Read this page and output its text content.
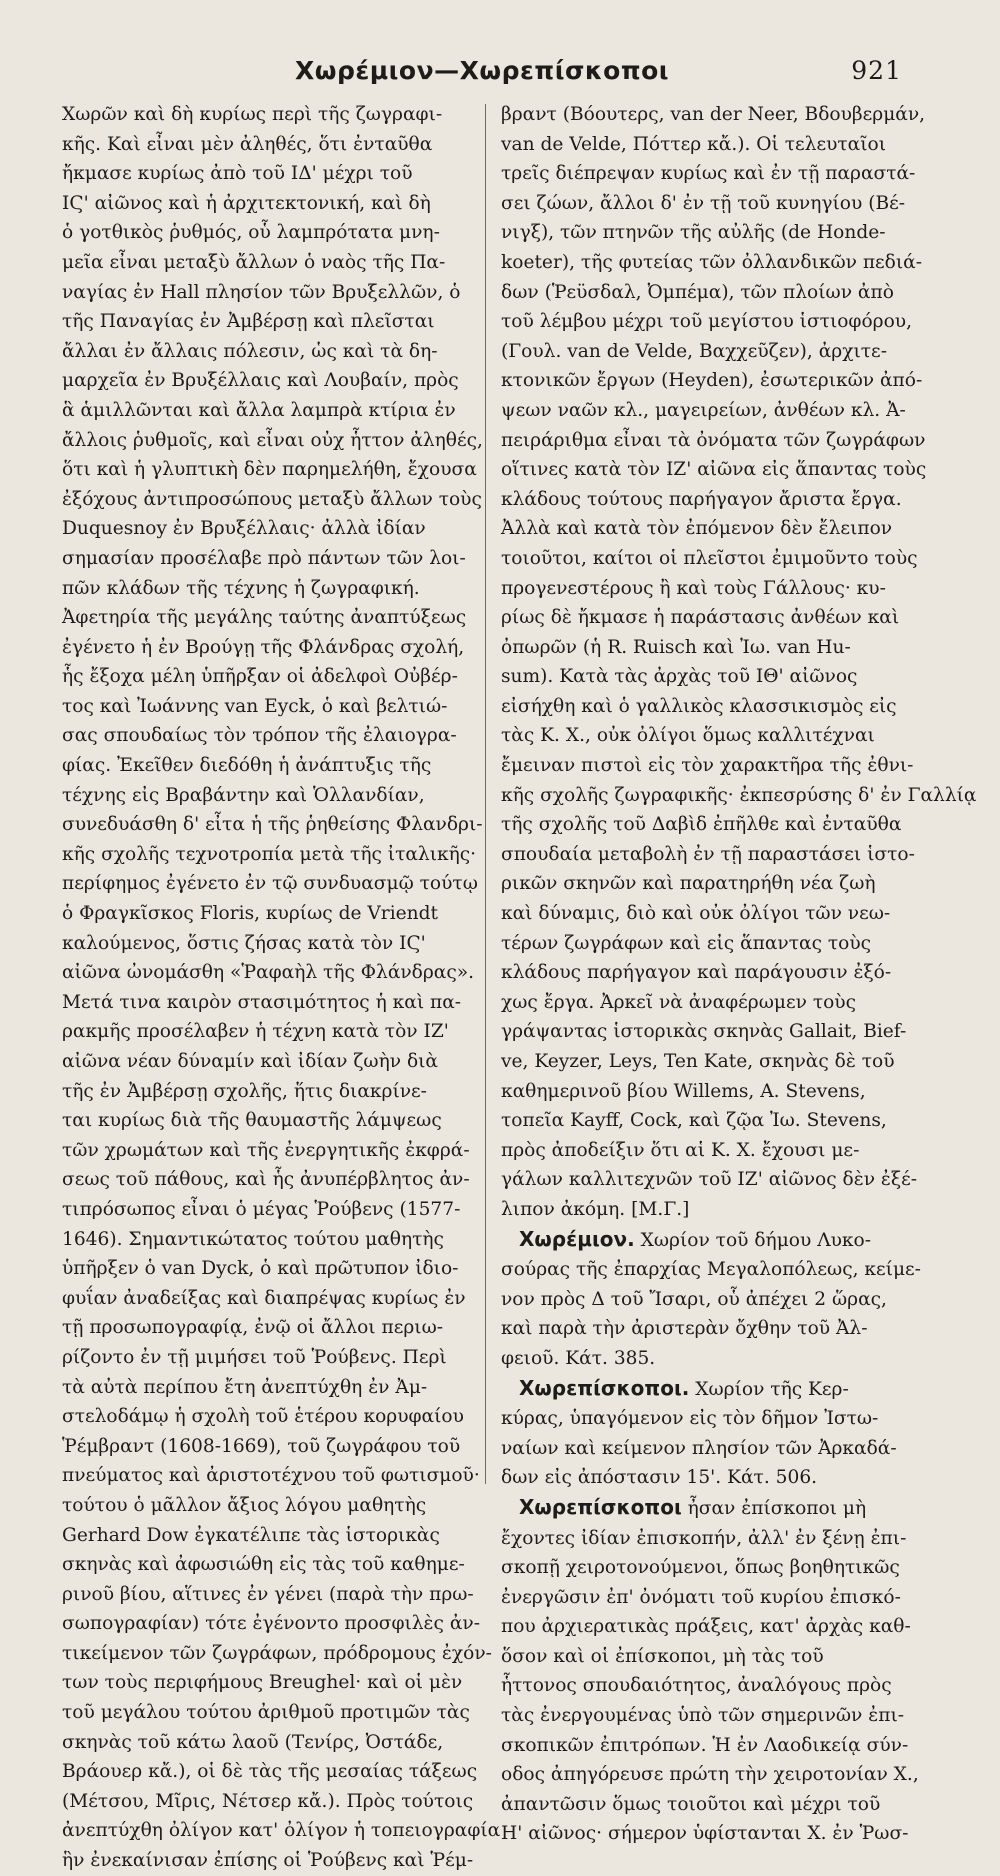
Χωρέμιον—Χωρεπίσκοποι	921
Χωρῶν καὶ δὴ κυρίως περὶ τῆς ζωγραφι-
κῆς. Καὶ εἶναι μὲν ἀληθές, ὅτι ἐνταῦθα
ἤκμασε κυρίως ἀπὸ τοῦ ΙΔ' μέχρι τοῦ
ΙϚ' αἰῶνος καὶ ἡ ἀρχιτεκτονική, καὶ δὴ
ὁ γοτθικὸς ῥυθμός, οὗ λαμπρότατα μνη-
μεῖα εἶναι μεταξὺ ἄλλων ὁ ναὸς τῆς Πα-
ναγίας ἐν Hall πλησίον τῶν Βρυξελλῶν, ὁ
τῆς Παναγίας ἐν Ἀμβέρσῃ καὶ πλεῖσται
ἄλλαι ἐν ἄλλαις πόλεσιν, ὡς καὶ τὰ δη-
μαρχεῖα ἐν Βρυξέλλαις καὶ Λουβαίν, πρὸς
ἃ ἁμιλλῶνται καὶ ἄλλα λαμπρὰ κτίρια ἐν
ἄλλοις ῥυθμοῖς, καὶ εἶναι οὐχ ἧττον ἀληθές,
ὅτι καὶ ἡ γλυπτικὴ δὲν παρημελήθη, ἔχουσα
ἐξόχους ἀντιπροσώπους μεταξὺ ἄλλων τοὺς
Duquesnoy ἐν Βρυξέλλαις· ἀλλὰ ἰδίαν
σημασίαν προσέλαβε πρὸ πάντων τῶν λοι-
πῶν κλάδων τῆς τέχνης ἡ ζωγραφική.
Ἀφετηρία τῆς μεγάλης ταύτης ἀναπτύξεως
ἐγένετο ἡ ἐν Βρούγῃ τῆς Φλάνδρας σχολή,
ἧς ἔξοχα μέλη ὑπῆρξαν οἱ ἀδελφοὶ Οὐβέρ-
τος καὶ Ἰωάννης van Eyck, ὁ καὶ βελτιώ-
σας σπουδαίως τὸν τρόπον τῆς ἐλαιογρα-
φίας. Ἐκεῖθεν διεδόθη ἡ ἀνάπτυξις τῆς
τέχνης εἰς Βραβάντην καὶ Ὁλλανδίαν,
συνεδυάσθη δ' εἶτα ἡ τῆς ῥηθείσης Φλανδρι-
κῆς σχολῆς τεχνοτροπία μετὰ τῆς ἰταλικῆς·
περίφημος ἐγένετο ἐν τῷ συνδυασμῷ τούτῳ
ὁ Φραγκῖσκος Floris, κυρίως de Vriendt
καλούμενος, ὅστις ζήσας κατὰ τὸν ΙϚ'
αἰῶνα ὠνομάσθη «Ῥαφαὴλ τῆς Φλάνδρας».
Μετά τινα καιρὸν στασιμότητος ἡ καὶ πα-
ρακμῆς προσέλαβεν ἡ τέχνη κατὰ τὸν ΙΖ'
αἰῶνα νέαν δύναμίν καὶ ἰδίαν ζωὴν διὰ
τῆς ἐν Ἀμβέρσῃ σχολῆς, ἥτις διακρίνε-
ται κυρίως διὰ τῆς θαυμαστῆς λάμψεως
τῶν χρωμάτων καὶ τῆς ἐνεργητικῆς ἐκφρά-
σεως τοῦ πάθους, καὶ ἧς ἀνυπέρβλητος ἀν-
τιπρόσωπος εἶναι ὁ μέγας Ῥούβενς (1577-
1646). Σημαντικώτατος τούτου μαθητὴς
ὑπῆρξεν ὁ van Dyck, ὁ καὶ πρῶτυπον ἰδιο-
φυΐαν ἀναδείξας καὶ διαπρέψας κυρίως ἐν
τῇ προσωπογραφίᾳ, ἐνῷ οἱ ἄλλοι περιω-
ρίζοντο ἐν τῇ μιμήσει τοῦ Ῥούβενς. Περὶ
τὰ αὐτὰ περίπου ἔτη ἀνεπτύχθη ἐν Ἀμ-
στελοδάμῳ ἡ σχολὴ τοῦ ἑτέρου κορυφαίου
Ῥέμβραντ (1608-1669), τοῦ ζωγράφου τοῦ
πνεύματος καὶ ἀριστοτέχνου τοῦ φωτισμοῦ·
τούτου ὁ μᾶλλον ἄξιος λόγου μαθητὴς
Gerhard Dow ἐγκατέλιπε τὰς ἱστορικὰς
σκηνὰς καὶ ἀφωσιώθη εἰς τὰς τοῦ καθημε-
ρινοῦ βίου, αἵτινες ἐν γένει (παρὰ τὴν πρω-
σωπογραφίαν) τότε ἐγένοντο προσφιλὲς ἀν-
τικείμενον τῶν ζωγράφων, πρόδρομους ἐχόν-
των τοὺς περιφήμους Breughel· καὶ οἱ μὲν
τοῦ μεγάλου τούτου ἀριθμοῦ προτιμῶν τὰς
σκηνὰς τοῦ κάτω λαοῦ (Τενίρς, Ὀστάδε,
Βράουερ κἄ.), οἱ δὲ τὰς τῆς μεσαίας τάξεως
(Μέτσου, Μῖρις, Νέτσερ κἄ.). Πρὸς τούτοις
ἀνεπτύχθη ὀλίγον κατ' ὀλίγον ἡ τοπειογραφία
ἣν ἐνεκαίνισαν ἐπίσης οἱ Ῥούβενς καὶ Ῥέμ-
βραντ (Βόουτερς, van der Neer, Βδουβερμάν,
van de Velde, Πόττερ κἄ.). Οἱ τελευταῖοι
τρεῖς διέπρεψαν κυρίως καὶ ἐν τῇ παραστά-
σει ζώων, ἄλλοι δ' ἐν τῇ τοῦ κυνηγίου (Βέ-
νιγξ), τῶν πτηνῶν τῆς αὐλῆς (de Honde-
koeter), τῆς φυτείας τῶν ὀλλανδικῶν πεδιά-
δων (Ῥεϋσδαλ, Ὀμπέμα), τῶν πλοίων ἀπὸ
τοῦ λέμβου μέχρι τοῦ μεγίστου ἱστιοφόρου,
(Γουλ. van de Velde, Βαχχεῦζεν), ἀρχιτε-
κτονικῶν ἔργων (Heyden), ἐσωτερικῶν ἀπό-
ψεων ναῶν κλ., μαγειρείων, ἀνθέων κλ. Ἀ-
πειράριθμα εἶναι τὰ ὀνόματα τῶν ζωγράφων
οἵτινες κατὰ τὸν ΙΖ' αἰῶνα εἰς ἅπαντας τοὺς
κλάδους τούτους παρήγαγον ἄριστα ἔργα.
Ἀλλὰ καὶ κατὰ τὸν ἐπόμενον δὲν ἔλειπον
τοιοῦτοι, καίτοι οἱ πλεῖστοι ἐμιμοῦντο τοὺς
προγενεστέρους ἢ καὶ τοὺς Γάλλους· κυ-
ρίως δὲ ἤκμασε ἡ παράστασις ἀνθέων καὶ
ὀπωρῶν (ἡ R. Ruisch καὶ Ἰω. van Hu-
sum). Κατὰ τὰς ἀρχὰς τοῦ ΙΘ' αἰῶνος
εἰσήχθη καὶ ὁ γαλλικὸς κλασσικισμὸς εἰς
τὰς Κ. Χ., οὐκ ὀλίγοι ὅμως καλλιτέχναι
ἔμειναν πιστοὶ εἰς τὸν χαρακτῆρα τῆς ἐθνι-
κῆς σχολῆς ζωγραφικῆς· ἐκπεσρύσης δ' ἐν Γαλλίᾳ
τῆς σχολῆς τοῦ Δαβὶδ ἐπῆλθε καὶ ἐνταῦθα
σπουδαία μεταβολὴ ἐν τῇ παραστάσει ἱστο-
ρικῶν σκηνῶν καὶ παρατηρήθη νέα ζωὴ
καὶ δύναμις, διὸ καὶ οὐκ ὀλίγοι τῶν νεω-
τέρων ζωγράφων καὶ εἰς ἅπαντας τοὺς
κλάδους παρήγαγον καὶ παράγουσιν ἐξό-
χως ἔργα. Ἀρκεῖ νὰ ἀναφέρωμεν τοὺς
γράψαντας ἱστορικὰς σκηνὰς Gallait, Bief-
ve, Keyzer, Leys, Ten Kate, σκηνὰς δὲ τοῦ
καθημερινοῦ βίου Willems, A. Stevens,
τοπεῖα Kayff, Cock, καὶ ζῷα Ἰω. Stevens,
πρὸς ἀποδείξιν ὅτι αἱ Κ. Χ. ἔχουσι με-
γάλων καλλιτεχνῶν τοῦ ΙΖ' αἰῶνος δὲν ἐξέ-
λιπον ἀκόμη. [Μ.Γ.]
Χωρέμιον. Χωρίον τοῦ δήμου Λυκο-
σούρας τῆς ἐπαρχίας Μεγαλοπόλεως, κείμε-
νον πρὸς Δ τοῦ Ἴσαρι, οὗ ἀπέχει 2 ὥρας,
καὶ παρὰ τὴν ἀριστερὰν ὄχθην τοῦ Ἀλ-
φειοῦ. Κάτ. 385.
Χωρεπίσκοποι. Χωρίον τῆς Κερ-
κύρας, ὑπαγόμενον εἰς τὸν δῆμον Ἰστω-
ναίων καὶ κείμενον πλησίον τῶν Ἀρκαδά-
δων εἰς ἀπόστασιν 15'. Κάτ. 506.
Χωρεπίσκοποι ἦσαν ἐπίσκοποι μὴ
ἔχοντες ἰδίαν ἐπισκοπήν, ἀλλ' ἐν ξένῃ ἐπι-
σκοπῇ χειροτονούμενοι, ὅπως βοηθητικῶς
ἐνεργῶσιν ἐπ' ὀνόματι τοῦ κυρίου ἐπισκό-
που ἀρχιερατικὰς πράξεις, κατ' ἀρχὰς καθ-
ὅσον καὶ οἱ ἐπίσκοποι, μὴ τὰς τοῦ
ἧττονος σπουδαιότητος, ἀναλόγους πρὸς
τὰς ἐνεργουμένας ὑπὸ τῶν σημερινῶν ἐπι-
σκοπικῶν ἐπιτρόπων. Ἡ ἐν Λαοδικείᾳ σύν-
οδος ἀπηγόρευσε πρώτη τὴν χειροτονίαν Χ.,
ἀπαντῶσιν ὅμως τοιοῦτοι καὶ μέχρι τοῦ
Η' αἰῶνος· σήμερον ὑφίστανται Χ. ἐν Ῥωσ-
